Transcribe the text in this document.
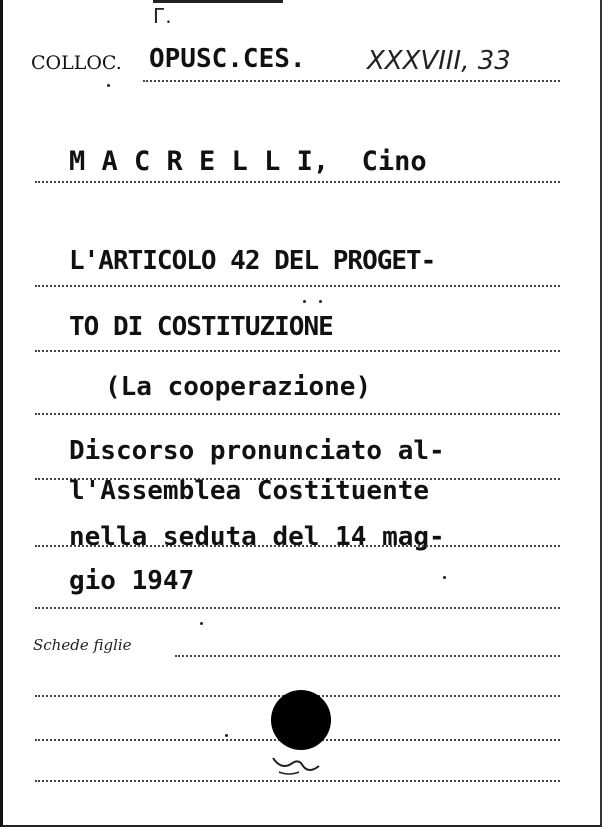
Г.
COLLOC. OPUSC.CES. XXXVIII, 33
M A C R E L L I,  Cino
L'ARTICOLO 42 DEL PROGET-
TO DI COSTITUZIONE
(La cooperazione)
Discorso pronunciato al-
l'Assemblea Costituente
nella seduta del 14 mag-
gio 1947
Schede figlie
